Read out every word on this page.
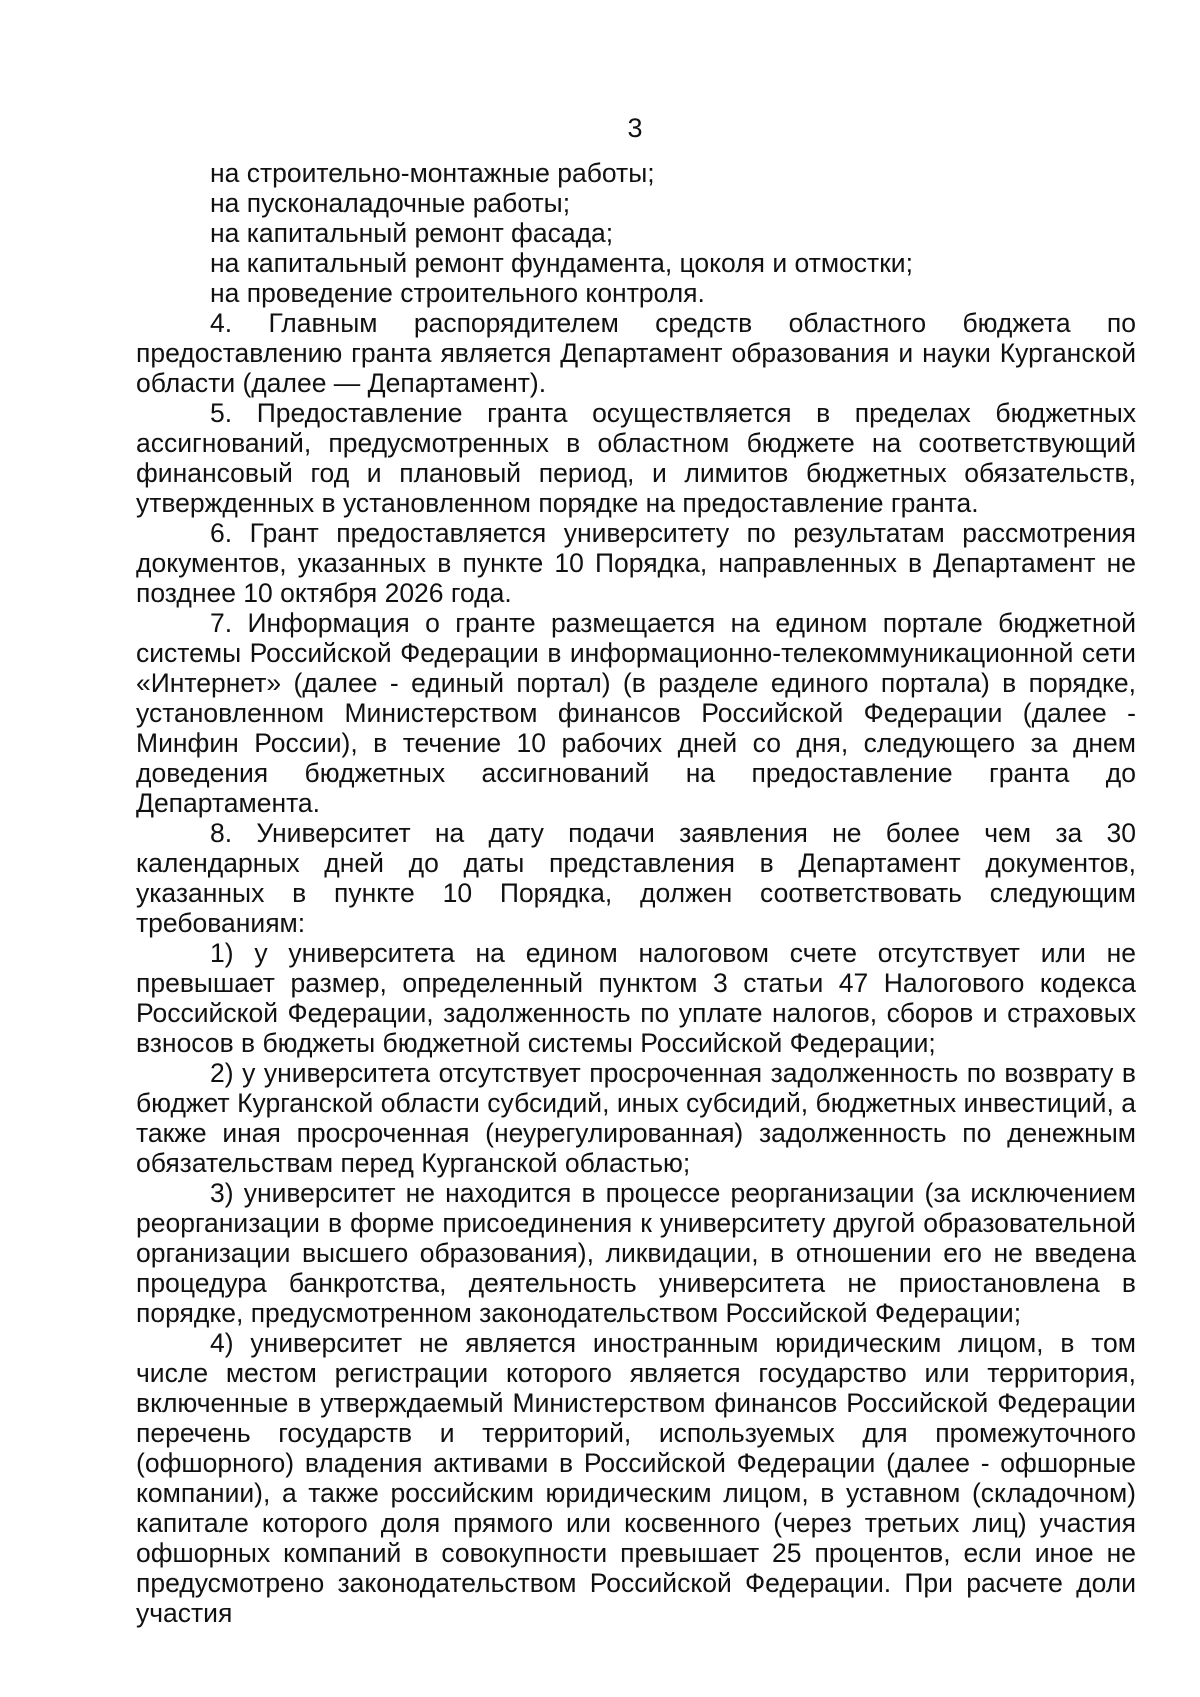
3

на строительно-монтажные работы;

на пусконаладочные работы;

на капитальный ремонт фасада;

на капитальный ремонт фундамента, цоколя и отмостки;

на проведение строительного контроля.

4. Главным распорядителем средств областного бюджета по предоставлению гранта является Департамент образования и науки Курганской области (далее — Департамент).

5. Предоставление гранта осуществляется в пределах бюджетных ассигнований, предусмотренных в областном бюджете на соответствующий финансовый год и плановый период, и лимитов бюджетных обязательств, утвержденных в установленном порядке на предоставление гранта.

6. Грант предоставляется университету по результатам рассмотрения документов, указанных в пункте 10 Порядка, направленных в Департамент не позднее 10 октября 2026 года.

7. Информация о гранте размещается на едином портале бюджетной системы Российской Федерации в информационно-телекоммуникационной сети «Интернет» (далее - единый портал) (в разделе единого портала) в порядке, установленном Министерством финансов Российской Федерации (далее - Минфин России), в течение 10 рабочих дней со дня, следующего за днем доведения бюджетных ассигнований на предоставление гранта до Департамента.

8. Университет на дату подачи заявления не более чем за 30 календарных дней до даты представления в Департамент документов, указанных в пункте 10 Порядка, должен соответствовать следующим требованиям:

1) у университета на едином налоговом счете отсутствует или не превышает размер, определенный пунктом 3 статьи 47 Налогового кодекса Российской Федерации, задолженность по уплате налогов, сборов и страховых взносов в бюджеты бюджетной системы Российской Федерации;

2) у университета отсутствует просроченная задолженность по возврату в бюджет Курганской области субсидий, иных субсидий, бюджетных инвестиций, а также иная просроченная (неурегулированная) задолженность по денежным обязательствам перед Курганской областью;

3) университет не находится в процессе реорганизации (за исключением реорганизации в форме присоединения к университету другой образовательной организации высшего образования), ликвидации, в отношении его не введена процедура банкротства, деятельность университета не приостановлена в порядке, предусмотренном законодательством Российской Федерации;

4) университет не является иностранным юридическим лицом, в том числе местом регистрации которого является государство или территория, включенные в утверждаемый Министерством финансов Российской Федерации перечень государств и территорий, используемых для промежуточного (офшорного) владения активами в Российской Федерации (далее - офшорные компании), а также российским юридическим лицом, в уставном (складочном) капитале которого доля прямого или косвенного (через третьих лиц) участия офшорных компаний в совокупности превышает 25 процентов, если иное не предусмотрено законодательством Российской Федерации. При расчете доли участия
